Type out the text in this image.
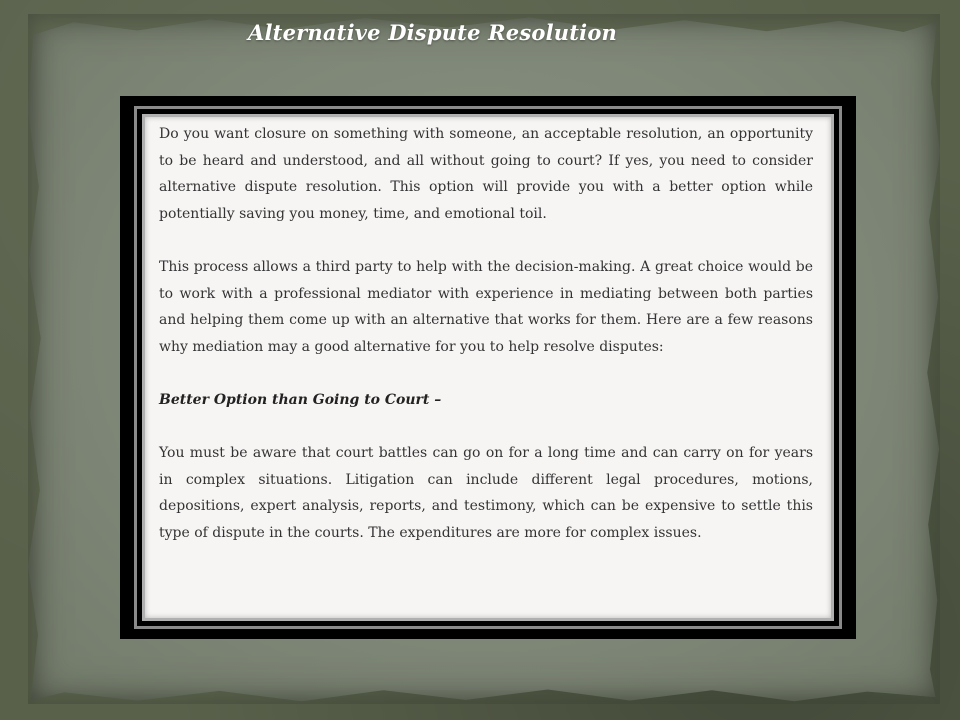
Alternative Dispute Resolution

Do you want closure on something with someone, an acceptable resolution, an opportunity to be heard and understood, and all without going to court? If yes, you need to consider alternative dispute resolution. This option will provide you with a better option while potentially saving you money, time, and emotional toil.

This process allows a third party to help with the decision-making. A great choice would be to work with a professional mediator with experience in mediating between both parties and helping them come up with an alternative that works for them. Here are a few reasons why mediation may a good alternative for you to help resolve disputes:

Better Option than Going to Court –

You must be aware that court battles can go on for a long time and can carry on for years in complex situations. Litigation can include different legal procedures, motions, depositions, expert analysis, reports, and testimony, which can be expensive to settle this type of dispute in the courts. The expenditures are more for complex issues.
